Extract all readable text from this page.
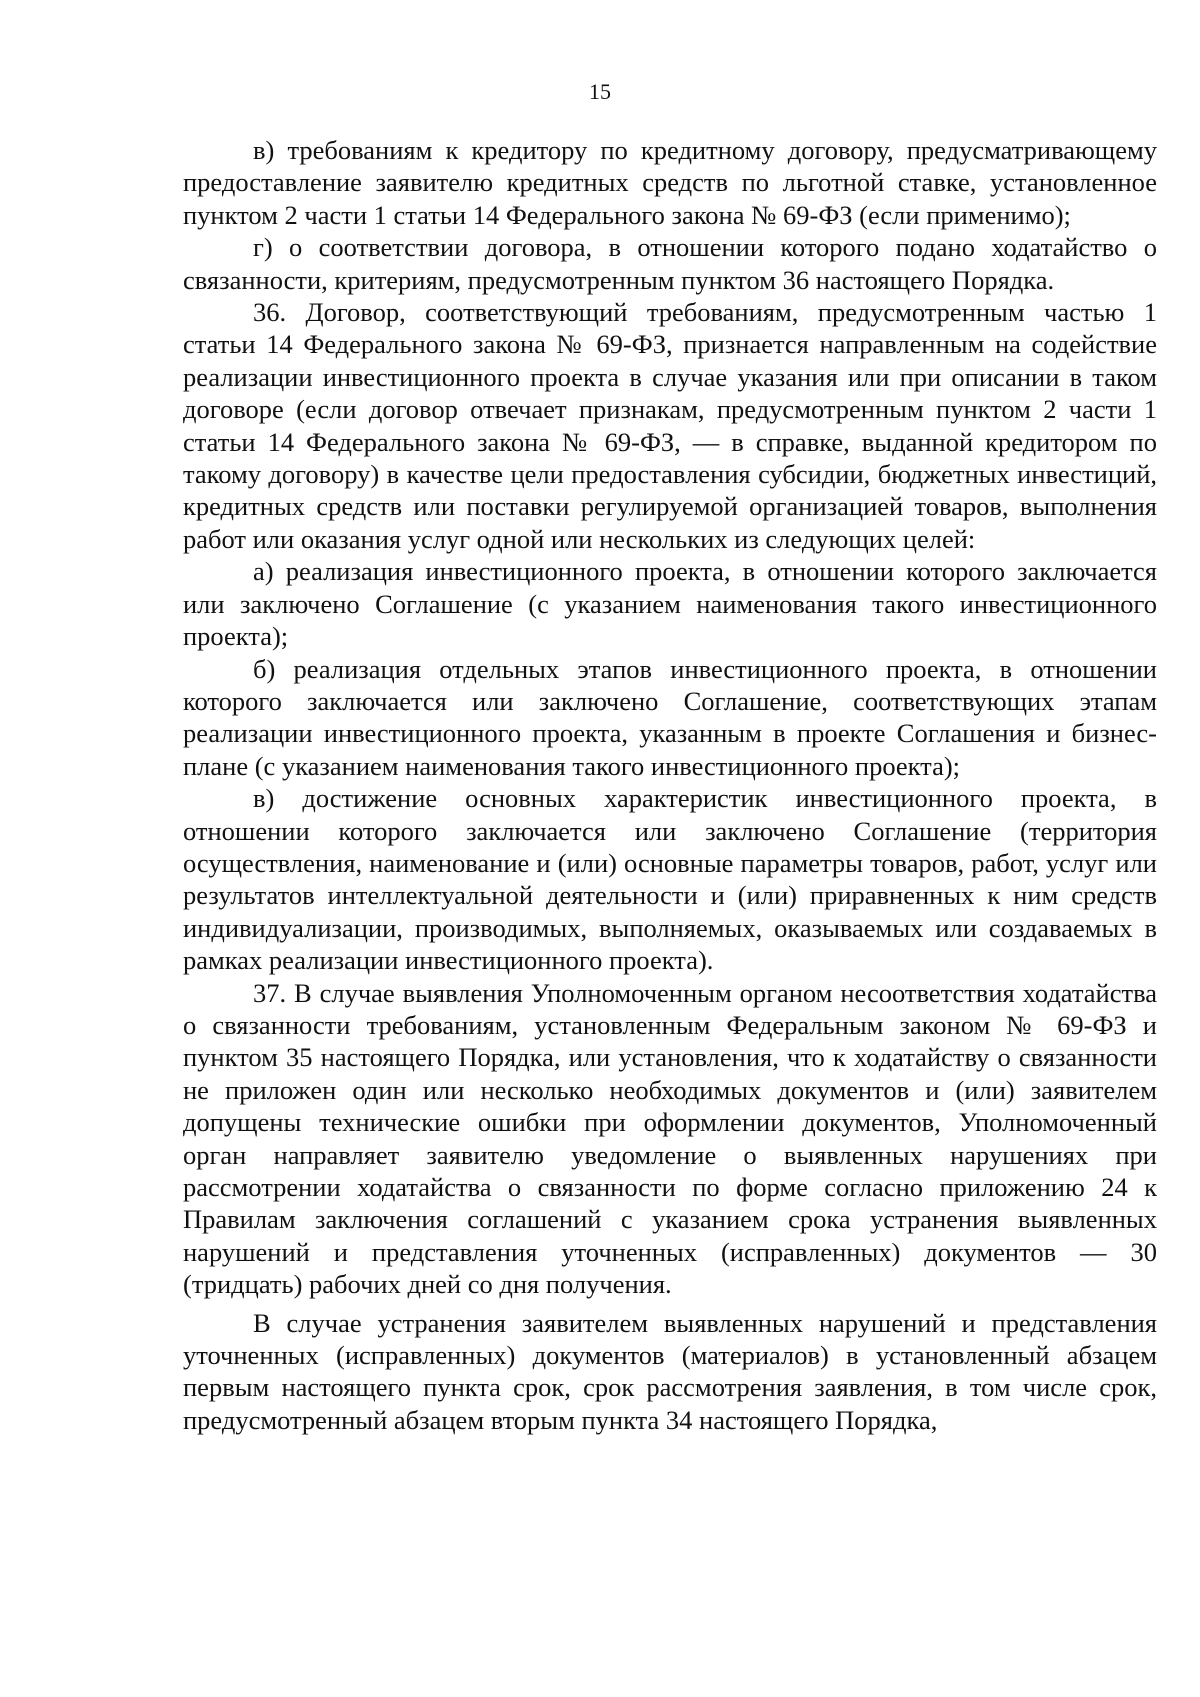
15

в) требованиям к кредитору по кредитному договору, предусматривающему предоставление заявителю кредитных средств по льготной ставке, установленное пунктом 2 части 1 статьи 14 Федерального закона № 69-ФЗ (если применимо);

г) о соответствии договора, в отношении которого подано ходатайство о связанности, критериям, предусмотренным пунктом 36 настоящего Порядка.

36. Договор, соответствующий требованиям, предусмотренным частью 1 статьи 14 Федерального закона № 69-ФЗ, признается направленным на содействие реализации инвестиционного проекта в случае указания или при описании в таком договоре (если договор отвечает признакам, предусмотренным пунктом 2 части 1 статьи 14 Федерального закона № 69-ФЗ, — в справке, выданной кредитором по такому договору) в качестве цели предоставления субсидии, бюджетных инвестиций, кредитных средств или поставки регулируемой организацией товаров, выполнения работ или оказания услуг одной или нескольких из следующих целей:

а) реализация инвестиционного проекта, в отношении которого заключается или заключено Соглашение (с указанием наименования такого инвестиционного проекта);

б) реализация отдельных этапов инвестиционного проекта, в отношении которого заключается или заключено Соглашение, соответствующих этапам реализации инвестиционного проекта, указанным в проекте Соглашения и бизнес-плане (с указанием наименования такого инвестиционного проекта);

в) достижение основных характеристик инвестиционного проекта, в отношении которого заключается или заключено Соглашение (территория осуществления, наименование и (или) основные параметры товаров, работ, услуг или результатов интеллектуальной деятельности и (или) приравненных к ним средств индивидуализации, производимых, выполняемых, оказываемых или создаваемых в рамках реализации инвестиционного проекта).

37. В случае выявления Уполномоченным органом несоответствия ходатайства о связанности требованиям, установленным Федеральным законом № 69-ФЗ и пунктом 35 настоящего Порядка, или установления, что к ходатайству о связанности не приложен один или несколько необходимых документов и (или) заявителем допущены технические ошибки при оформлении документов, Уполномоченный орган направляет заявителю уведомление о выявленных нарушениях при рассмотрении ходатайства о связанности по форме согласно приложению 24 к Правилам заключения соглашений с указанием срока устранения выявленных нарушений и представления уточненных (исправленных) документов — 30 (тридцать) рабочих дней со дня получения.

В случае устранения заявителем выявленных нарушений и представления уточненных (исправленных) документов (материалов) в установленный абзацем первым настоящего пункта срок, срок рассмотрения заявления, в том числе срок, предусмотренный абзацем вторым пункта 34 настоящего Порядка,
